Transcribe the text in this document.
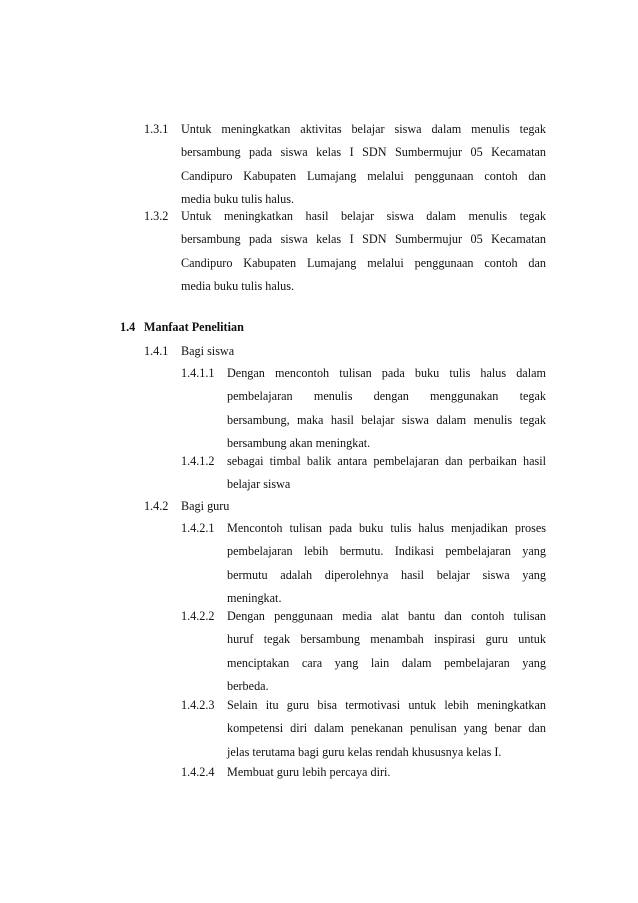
1.3.1 Untuk meningkatkan aktivitas belajar siswa dalam menulis tegak
bersambung pada siswa kelas I SDN Sumbermujur 05 Kecamatan
Candipuro Kabupaten Lumajang melalui penggunaan contoh dan
media buku tulis halus.
1.3.2 Untuk meningkatkan hasil belajar siswa dalam menulis tegak
bersambung pada siswa kelas I SDN Sumbermujur 05 Kecamatan
Candipuro Kabupaten Lumajang melalui penggunaan contoh dan
media buku tulis halus.
1.4 Manfaat Penelitian
1.4.1 Bagi siswa
1.4.1.1 Dengan mencontoh tulisan pada buku tulis halus dalam
pembelajaran menulis dengan menggunakan tegak
bersambung, maka hasil belajar siswa dalam menulis tegak
bersambung akan meningkat.
1.4.1.2 sebagai timbal balik antara pembelajaran dan perbaikan hasil
belajar siswa
1.4.2 Bagi guru
1.4.2.1 Mencontoh tulisan pada buku tulis halus menjadikan proses
pembelajaran lebih bermutu. Indikasi pembelajaran yang
bermutu adalah diperolehnya hasil belajar siswa yang
meningkat.
1.4.2.2 Dengan penggunaan media alat bantu dan contoh tulisan
huruf tegak bersambung menambah inspirasi guru untuk
menciptakan cara yang lain dalam pembelajaran yang
berbeda.
1.4.2.3 Selain itu guru bisa termotivasi untuk lebih meningkatkan
kompetensi diri dalam penekanan penulisan yang benar dan
jelas terutama bagi guru kelas rendah khususnya kelas I.
1.4.2.4 Membuat guru lebih percaya diri.
